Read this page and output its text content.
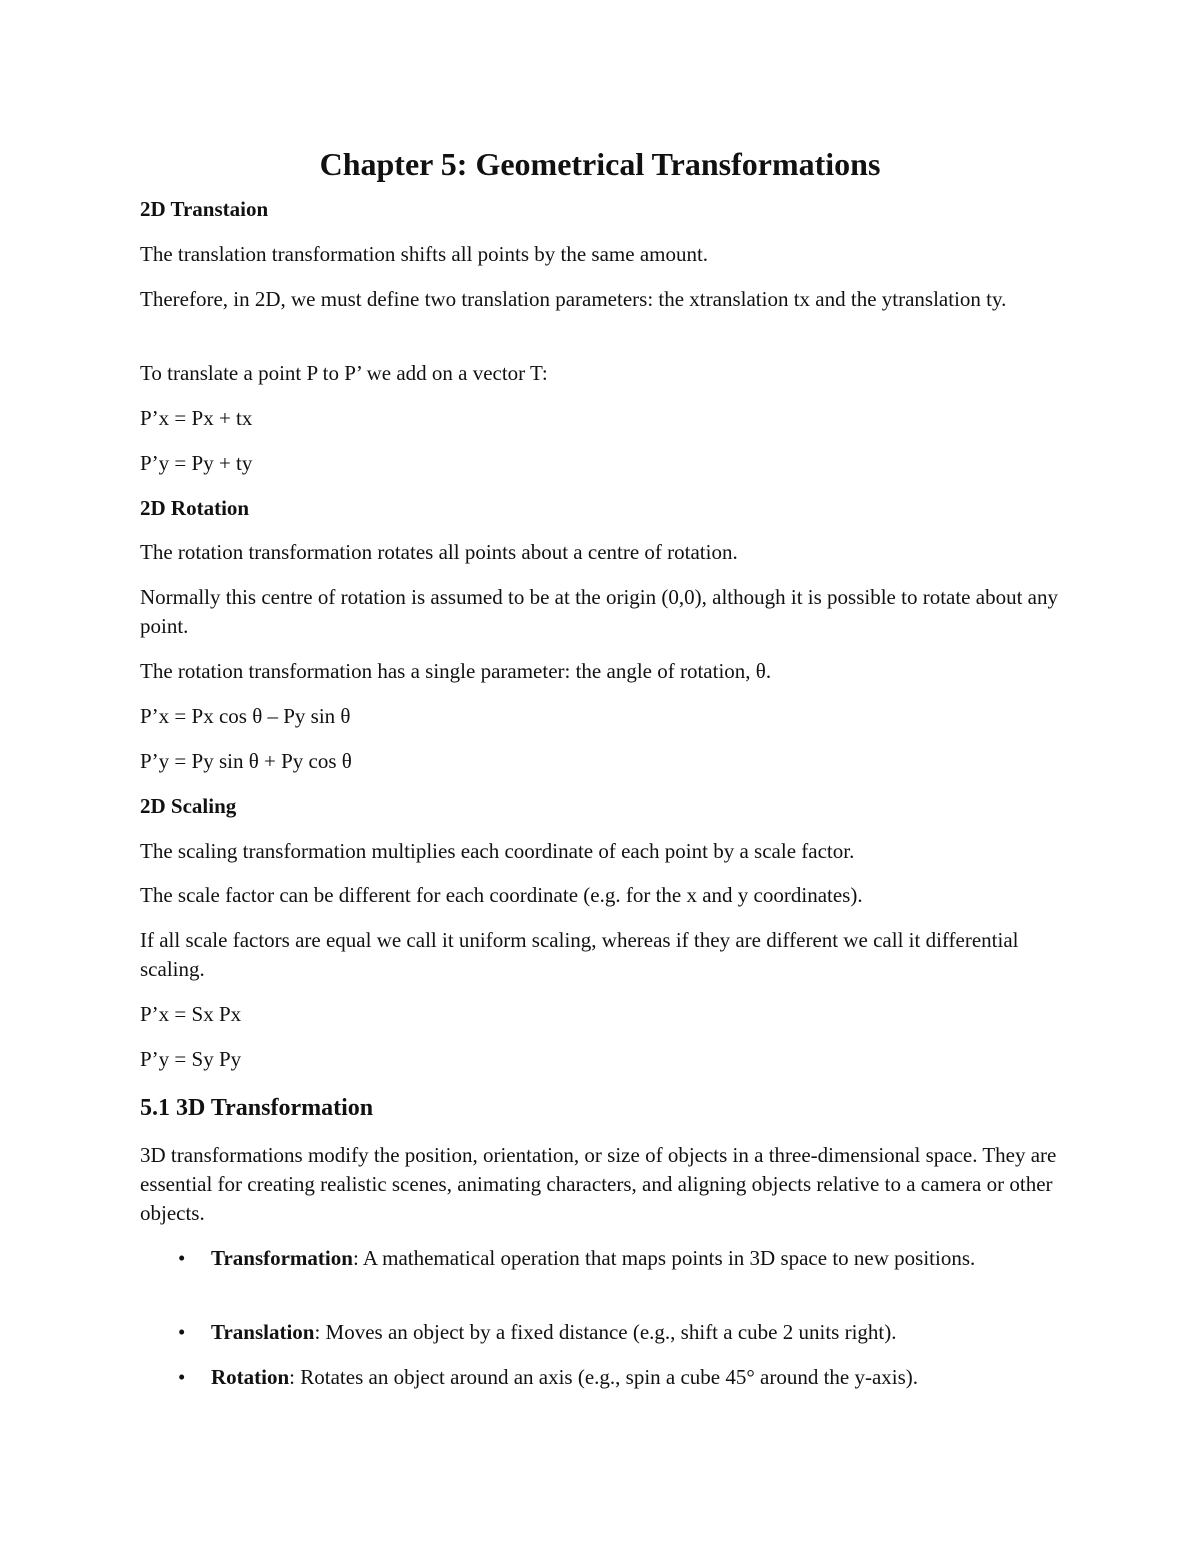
Chapter 5: Geometrical Transformations

2D Transtaion

The translation transformation shifts all points by the same amount.

Therefore, in 2D, we must define two translation parameters: the xtranslation tx and the ytranslation ty.

To translate a point P to P’ we add on a vector T:

P’x = Px + tx

P’y = Py + ty

2D Rotation

The rotation transformation rotates all points about a centre of rotation.

Normally this centre of rotation is assumed to be at the origin (0,0), although it is possible to rotate about any point.

The rotation transformation has a single parameter: the angle of rotation, θ.

P’x = Px cos θ – Py sin θ

P’y = Py sin θ + Py cos θ

2D Scaling

The scaling transformation multiplies each coordinate of each point by a scale factor.

The scale factor can be different for each coordinate (e.g. for the x and y coordinates).

If all scale factors are equal we call it uniform scaling, whereas if they are different we call it differential scaling.

P’x = Sx Px

P’y = Sy Py

5.1 3D Transformation

3D transformations modify the position, orientation, or size of objects in a three-dimensional space. They are essential for creating realistic scenes, animating characters, and aligning objects relative to a camera or other objects.

• Transformation: A mathematical operation that maps points in 3D space to new positions.
• Translation: Moves an object by a fixed distance (e.g., shift a cube 2 units right).
• Rotation: Rotates an object around an axis (e.g., spin a cube 45° around the y-axis).
